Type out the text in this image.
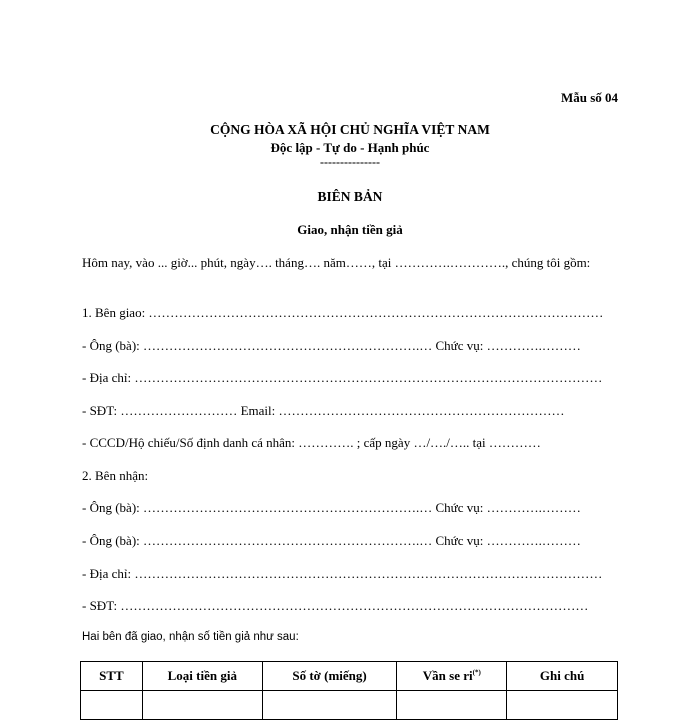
Mẫu số 04
CỘNG HÒA XÃ HỘI CHỦ NGHĨA VIỆT NAM
Độc lập - Tự do - Hạnh phúc
---------------
BIÊN BẢN
Giao, nhận tiền giả
Hôm nay, vào ... giờ... phút, ngày…. tháng…. năm……, tại ………….…………., chúng tôi gồm:
1. Bên giao: ……………………………………………………………………………………………
- Ông (bà): ……………………………………………………….… Chức vụ: ………….………
- Địa chỉ: ………………………………………………………………………………………………
- SĐT: ……………………… Email: …………………………………………………………
- CCCD/Hộ chiếu/Số định danh cá nhân: …………. ; cấp ngày …/…./….. tại …………
2. Bên nhận:
- Ông (bà): ……………………………………………………….… Chức vụ: ………….………
- Ông (bà): ……………………………………………………….… Chức vụ: ………….………
- Địa chỉ: ………………………………………………………………………………………………
- SĐT: ………………………………………………………………………………………………
Hai bên đã giao, nhận số tiền giả như sau:
STT	Loại tiền giả	Số tờ (miếng)	Vần se ri(*)	Ghi chú
